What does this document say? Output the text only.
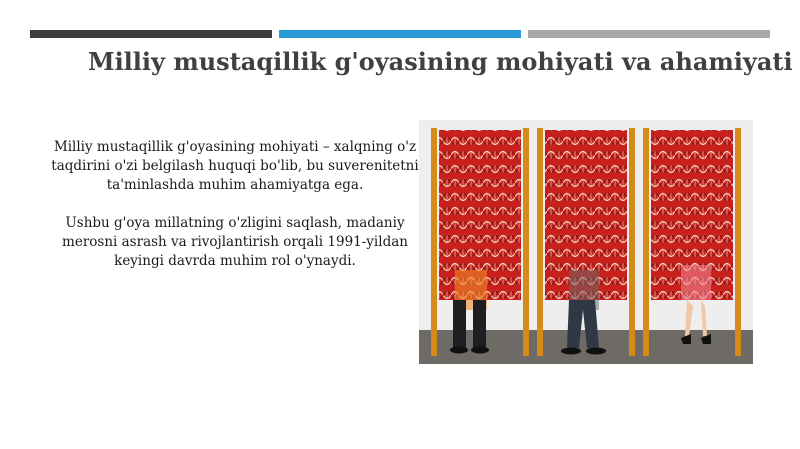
Milliy mustaqillik g'oyasining mohiyati va ahamiyati

Milliy mustaqillik g'oyasining mohiyati – xalqning o'z taqdirini o'zi belgilash huquqi bo'lib, bu suverenitetni ta'minlashda muhim ahamiyatga ega.

Ushbu g'oya millatning o'zligini saqlash, madaniy merosni asrash va rivojlantirish orqali 1991-yildan keyingi davrda muhim rol o'ynaydi.
